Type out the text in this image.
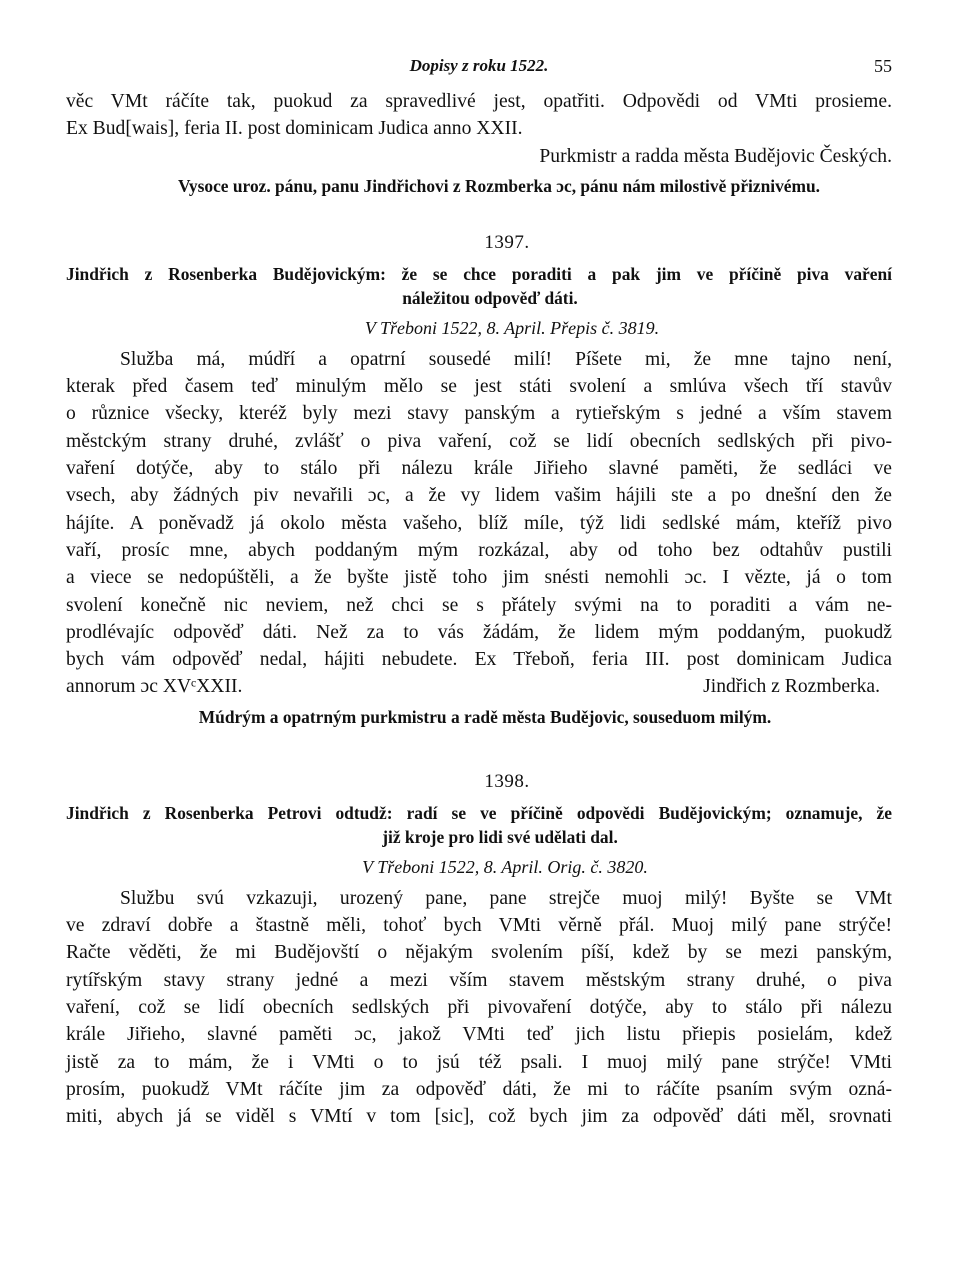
Dopisy z roku 1522.	55
věc VMt ráčíte tak, puokud za spravedlivé jest, opatřiti. Odpovědi od VMti prosieme.
Ex Bud[wais], feria II. post dominicam Judica anno XXII.
Purkmistr a radda města Budějovic Českých.
Vysoce uroz. pánu, panu Jindřichovi z Rozmberka ɔc, pánu nám milostivě přiznivému.
1397.
Jindřich z Rosenberka Budějovickým: že se chce poraditi a pak jim ve příčině piva vaření
náležitou odpověď dáti.
V Třeboni 1522, 8. April. Přepis č. 3819.
Služba má, múdří a opatrní sousedé milí! Píšete mi, že mne tajno není,
kterak před časem teď minulým mělo se jest státi svolení a smlúva všech tří stavův
o různice všecky, kteréž byly mezi stavy panským a rytieřským s jedné a vším stavem
městckým strany druhé, zvlášť o piva vaření, což se lidí obecních sedlských při pivo-
vaření dotýče, aby to stálo při nálezu krále Jiřieho slavné paměti, že sedláci ve
vsech, aby žádných piv nevařili ɔc, a že vy lidem vašim hájili ste a po dnešní den že
hájíte. A poněvadž já okolo města vašeho, blíž míle, týž lidi sedlské mám, kteříž pivo
vaří, prosíc mne, abych poddaným mým rozkázal, aby od toho bez odtahův pustili
a viece se nedopúštěli, a že byšte jistě toho jim snésti nemohli ɔc. I vězte, já o tom
svolení konečně nic neviem, než chci se s přátely svými na to poraditi a vám ne-
prodlévajíc odpověď dáti. Než za to vás žádám, že lidem mým poddaným, puokudž
bych vám odpověď nedal, hájiti nebudete. Ex Třeboň, feria III. post dominicam Judica
annorum ɔc XVᶜXXII.	Jindřich z Rozmberka.
Múdrým a opatrným purkmistru a radě města Budějovic, souseduom milým.
1398.
Jindřich z Rosenberka Petrovi odtudž: radí se ve příčině odpovědi Budějovickým; oznamuje, že
již kroje pro lidi své udělati dal.
V Třeboni 1522, 8. April. Orig. č. 3820.
Službu svú vzkazuji, urozený pane, pane strejče muoj milý! Byšte se VMt
ve zdraví dobře a štastně měli, tohoť bych VMti věrně přál. Muoj milý pane strýče!
Račte věděti, že mi Budějovští o nějakým svolením píší, kdež by se mezi panským,
rytířským stavy strany jedné a mezi vším stavem městským strany druhé, o piva
vaření, což se lidí obecních sedlských při pivovaření dotýče, aby to stálo při nálezu
krále Jiřieho, slavné paměti ɔc, jakož VMti teď jich listu přiepis posielám, kdež
jistě za to mám, že i VMti o to jsú též psali. I muoj milý pane strýče! VMti
prosím, puokudž VMt ráčíte jim za odpověď dáti, že mi to ráčíte psaním svým ozná-
miti, abych já se viděl s VMtí v tom [sic], což bych jim za odpověď dáti měl, srovnati
